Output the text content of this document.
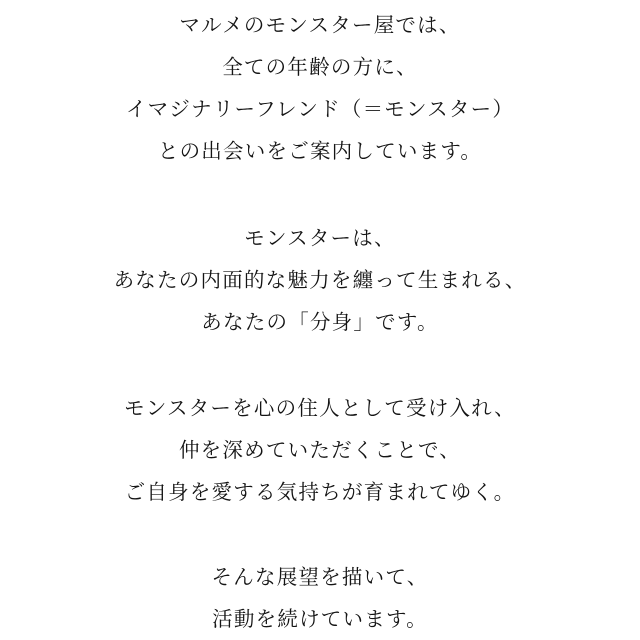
マルメのモンスター屋では、
全ての年齢の方に、
イマジナリーフレンド（＝モンスター）
との出会いをご案内しています。
モンスターは、
あなたの内面的な魅力を纏って生まれる、
あなたの「分身」です。
モンスターを心の住人として受け入れ、
仲を深めていただくことで、
ご自身を愛する気持ちが育まれてゆく。
そんな展望を描いて、
活動を続けています。
